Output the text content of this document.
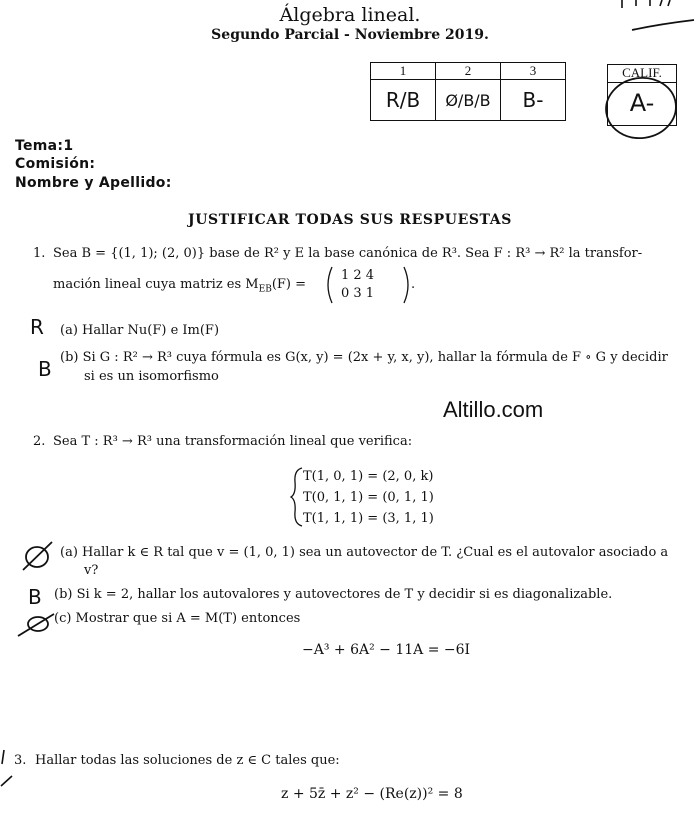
Álgebra lineal.
Segundo Parcial - Noviembre 2019.
1	2	3
R/B	Ø/B/B	B-
CALIF.
A-
Tema:1
Comisión:
Nombre y Apellido:
JUSTIFICAR TODAS SUS RESPUESTAS
1. Sea B = {(1, 1); (2, 0)} base de R² y E la base canónica de R³. Sea F : R³ → R² la transfor-
mación lineal cuya matriz es $M_{EB}(F)$ =
1 2 4
0 3 1
.
R (a) Hallar Nu(F) e Im(F)
B (b) Si G : R² → R³ cuya fórmula es G(x, y) = (2x + y, x, y), hallar la fórmula de F ∘ G y decidir
si es un isomorfismo
Altillo.com
2. Sea T : R³ → R³ una transformación lineal que verifica:
T(1, 0, 1) = (2, 0, k)
T(0, 1, 1) = (0, 1, 1)
T(1, 1, 1) = (3, 1, 1)
(a) Hallar k ∈ R tal que v = (1, 0, 1) sea un autovector de T. ¿Cual es el autovalor asociado a
v?
B (b) Si k = 2, hallar los autovalores y autovectores de T y decidir si es diagonalizable.
(c) Mostrar que si A = M(T) entonces
−A³ + 6A² − 11A = −6I
3. Hallar todas las soluciones de z ∈ C tales que:
z + 5z̄ + z² − (Re(z))² = 8
